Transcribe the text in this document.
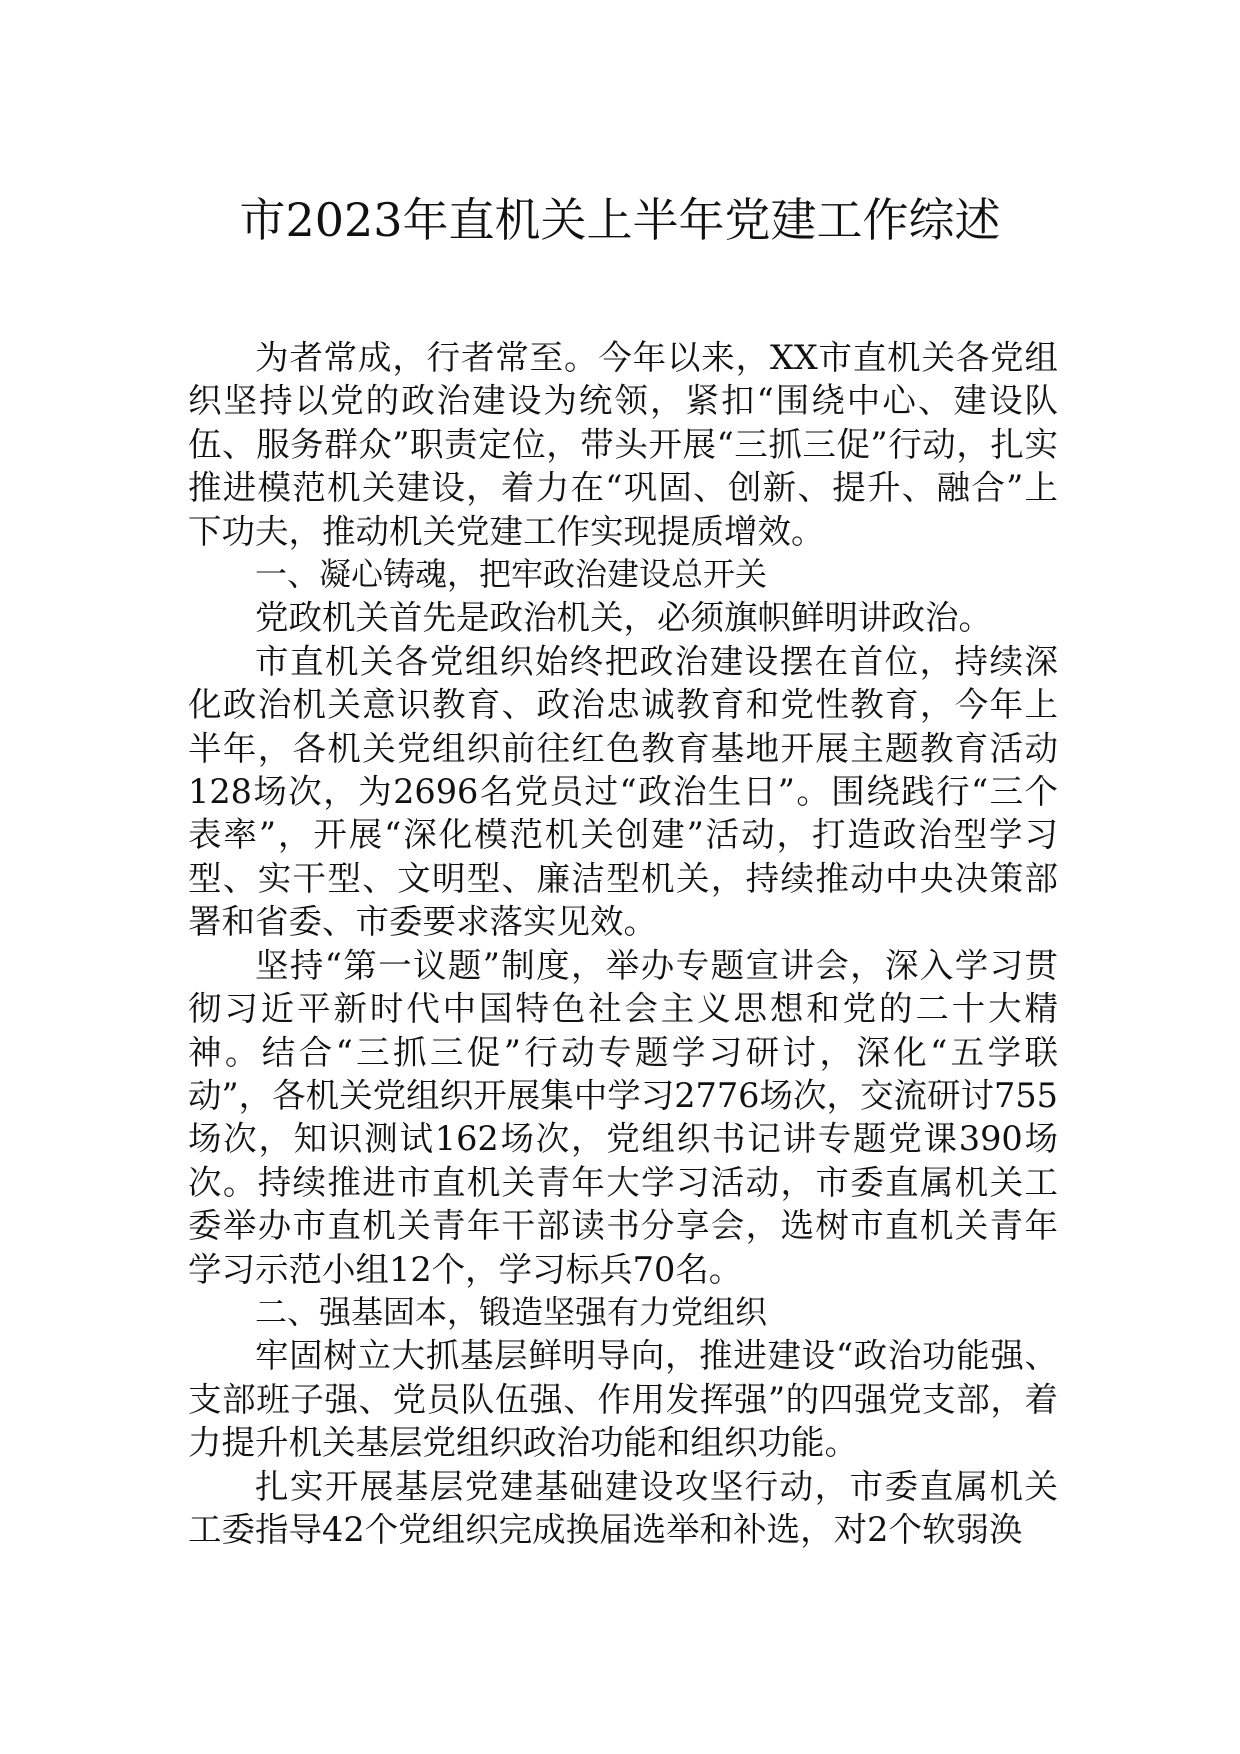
市2023年直机关上半年党建工作综述

为者常成，行者常至。今年以来，XX市直机关各党组织坚持以党的政治建设为统领，紧扣“围绕中心、建设队伍、服务群众”职责定位，带头开展“三抓三促”行动，扎实推进模范机关建设，着力在“巩固、创新、提升、融合”上下功夫，推动机关党建工作实现提质增效。

一、凝心铸魂，把牢政治建设总开关

党政机关首先是政治机关，必须旗帜鲜明讲政治。

市直机关各党组织始终把政治建设摆在首位，持续深化政治机关意识教育、政治忠诚教育和党性教育，今年上半年，各机关党组织前往红色教育基地开展主题教育活动128场次，为2696名党员过“政治生日”。围绕践行“三个表率”，开展“深化模范机关创建”活动，打造政治型学习型、实干型、文明型、廉洁型机关，持续推动中央决策部署和省委、市委要求落实见效。

坚持“第一议题”制度，举办专题宣讲会，深入学习贯彻习近平新时代中国特色社会主义思想和党的二十大精神。结合“三抓三促”行动专题学习研讨，深化“五学联动”，各机关党组织开展集中学习2776场次，交流研讨755场次，知识测试162场次，党组织书记讲专题党课390场次。持续推进市直机关青年大学习活动，市委直属机关工委举办市直机关青年干部读书分享会，选树市直机关青年学习示范小组12个，学习标兵70名。

二、强基固本，锻造坚强有力党组织

牢固树立大抓基层鲜明导向，推进建设“政治功能强、支部班子强、党员队伍强、作用发挥强”的四强党支部，着力提升机关基层党组织政治功能和组织功能。

扎实开展基层党建基础建设攻坚行动，市委直属机关工委指导42个党组织完成换届选举和补选，对2个软弱涣
